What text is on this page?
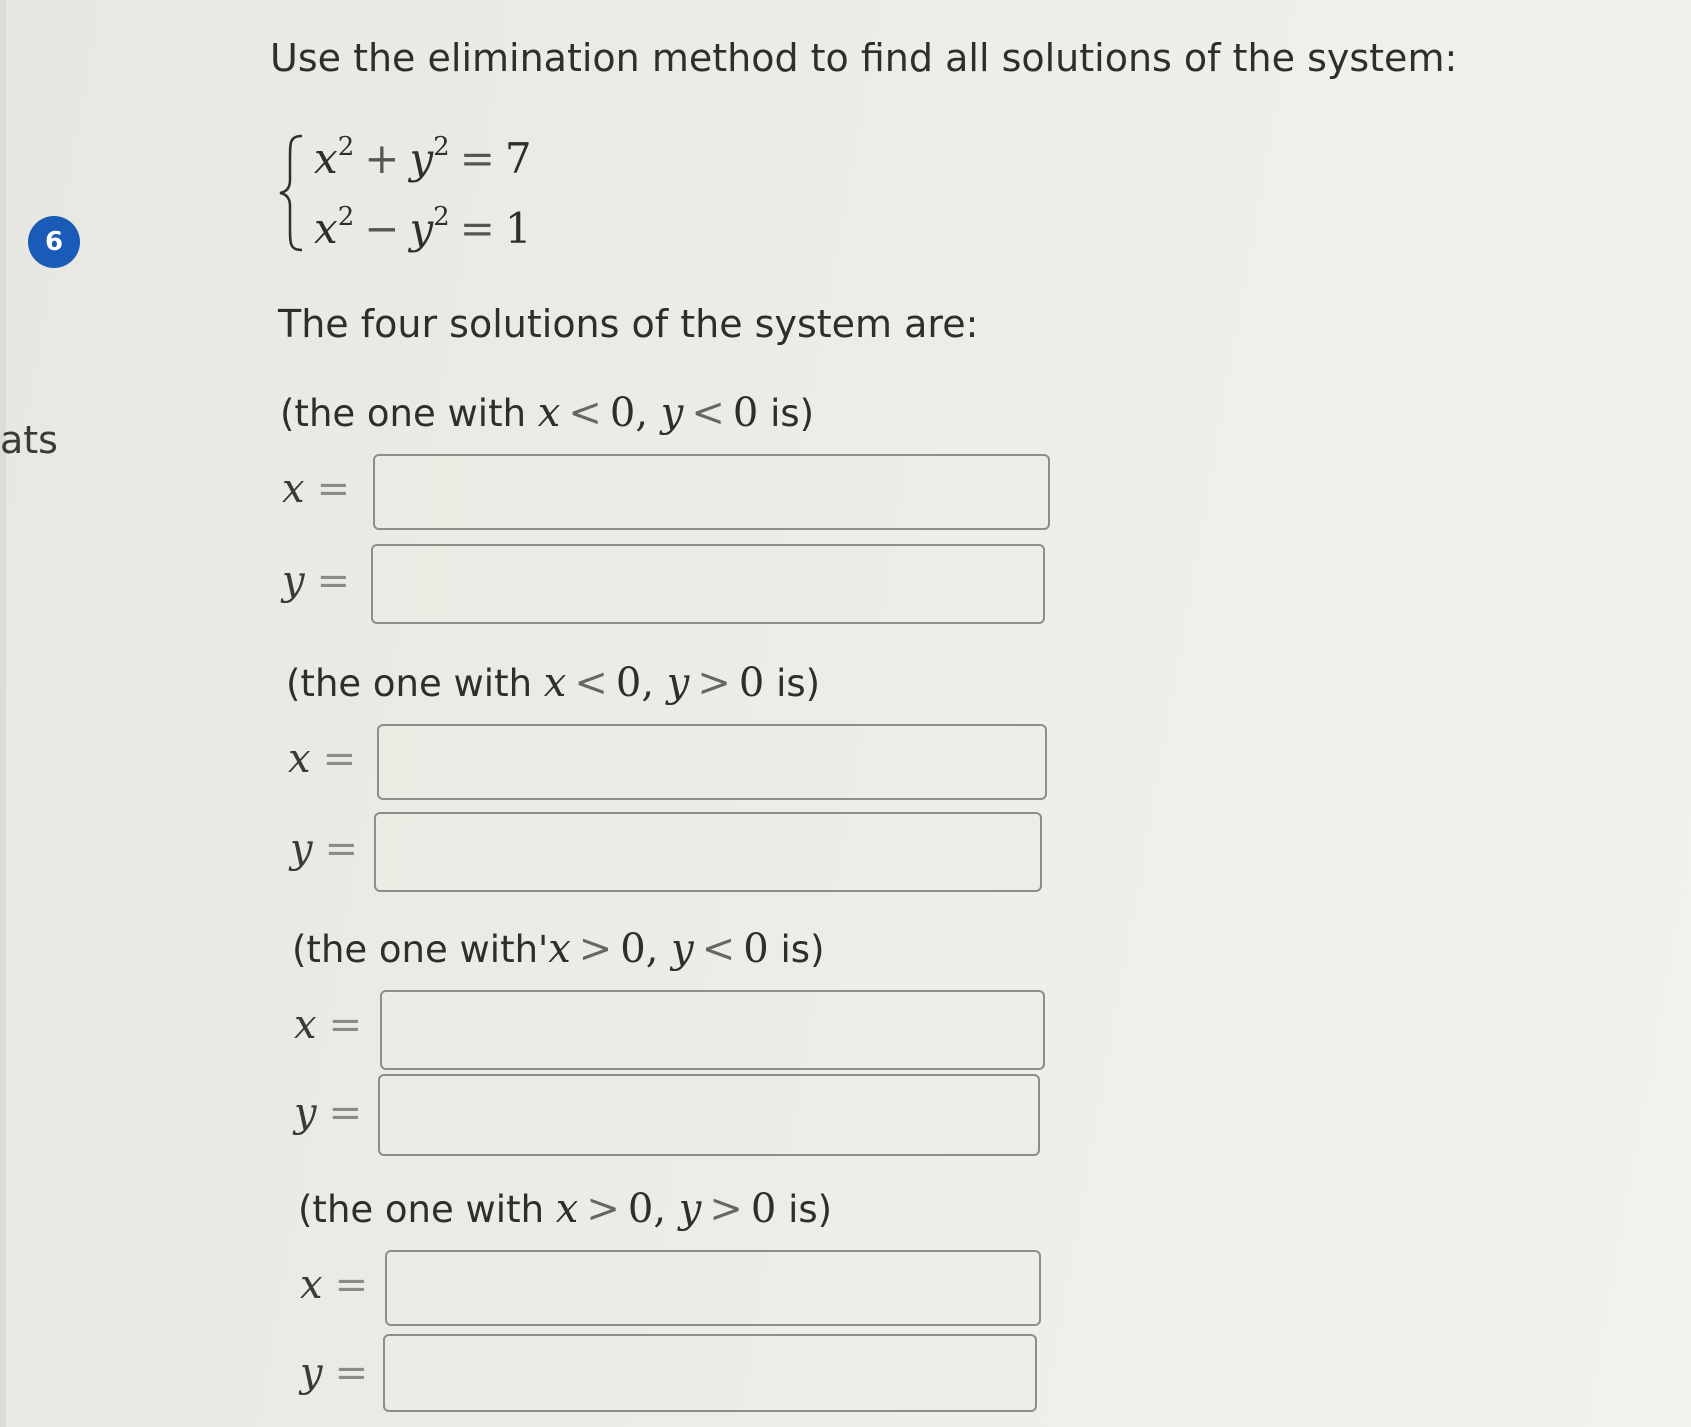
6
ats
Use the elimination method to find all solutions of the system:
$x^2 + y^2 = 7$
$x^2 - y^2 = 1$
The four solutions of the system are:
(the one with x < 0, y < 0 is)
x =
y =
(the one with x < 0, y > 0 is)
x =
y =
(the one with'x > 0, y < 0 is)
x =
y =
(the one with x > 0, y > 0 is)
x =
y =
